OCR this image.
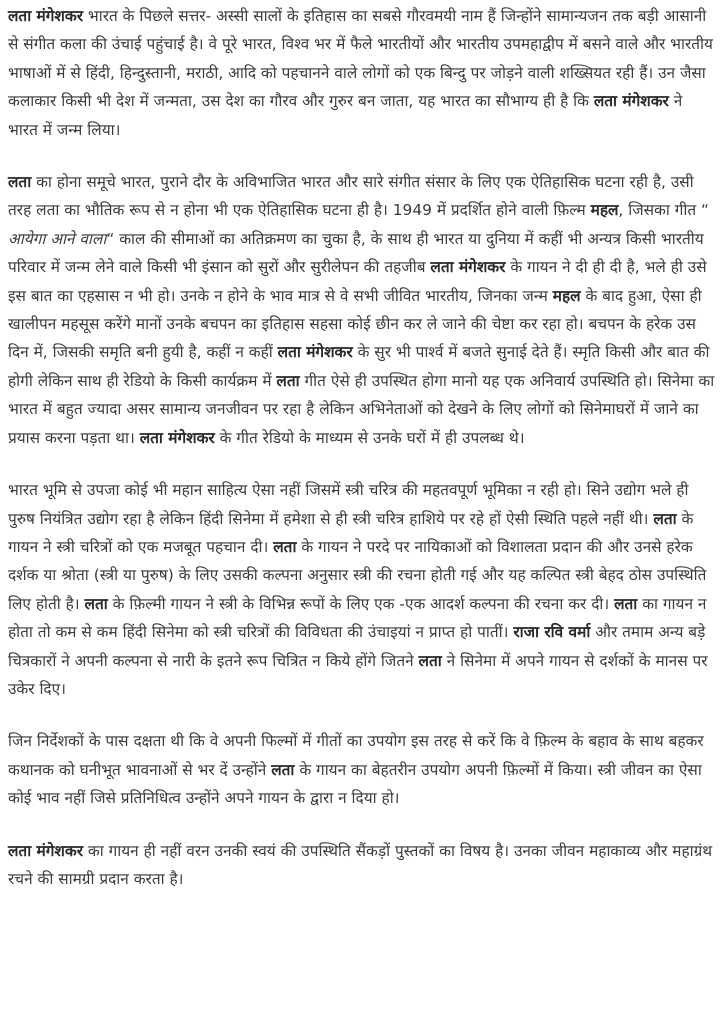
लता मंगेशकर भारत के पिछले सत्तर- अस्सी सालों के इतिहास का सबसे गौरवमयी नाम हैं जिन्होंने सामान्यजन तक बड़ी आसानी से संगीत कला की उंचाई पहुंचाई है। वे पूरे भारत, विश्व भर में फैले भारतीयों और भारतीय उपमहाद्वीप में बसने वाले और भारतीय भाषाओं में से हिंदी, हिन्दुस्तानी, मराठी, आदि को पहचानने वाले लोगों को एक बिन्दु पर जोड़ने वाली शख्सियत रही हैं। उन जैसा कलाकार किसी भी देश में जन्मता, उस देश का गौरव और गुरुर बन जाता, यह भारत का सौभाग्य ही है कि लता मंगेशकर ने भारत में जन्म लिया।

लता का होना समूचे भारत, पुराने दौर के अविभाजित भारत और सारे संगीत संसार के लिए एक ऐतिहासिक घटना रही है, उसी तरह लता का भौतिक रूप से न होना भी एक ऐतिहासिक घटना ही है। 1949 में प्रदर्शित होने वाली फ़िल्म महल, जिसका गीत “ आयेगा आने वाला“ काल की सीमाओं का अतिक्रमण का चुका है, के साथ ही भारत या दुनिया में कहीं भी अन्यत्र किसी भारतीय परिवार में जन्म लेने वाले किसी भी इंसान को सुरों और सुरीलेपन की तहजीब लता मंगेशकर के गायन ने दी ही दी है, भले ही उसे इस बात का एहसास न भी हो। उनके न होने के भाव मात्र से वे सभी जीवित भारतीय, जिनका जन्म महल के बाद हुआ, ऐसा ही खालीपन महसूस करेंगे मानों उनके बचपन का इतिहास सहसा कोई छीन कर ले जाने की चेष्टा कर रहा हो। बचपन के हरेक उस दिन में, जिसकी समृति बनी हुयी है, कहीं न कहीं लता मंगेशकर के सुर भी पार्श्व में बजते सुनाई देते हैं। स्मृति किसी और बात की होगी लेकिन साथ ही रेडियो के किसी कार्यक्रम में लता गीत ऐसे ही उपस्थित होगा मानो यह एक अनिवार्य उपस्थिति हो। सिनेमा का भारत में बहुत ज्यादा असर सामान्य जनजीवन पर रहा है लेकिन अभिनेताओं को देखने के लिए लोगों को सिनेमाघरों में जाने का प्रयास करना पड़ता था। लता मंगेशकर के गीत रेडियो के माध्यम से उनके घरों में ही उपलब्ध थे।

भारत भूमि से उपजा कोई भी महान साहित्य ऐसा नहीं जिसमें स्त्री चरित्र की महतवपूर्ण भूमिका न रही हो। सिने उद्योग भले ही पुरुष नियंत्रित उद्योग रहा है लेकिन हिंदी सिनेमा में हमेशा से ही स्त्री चरित्र हाशिये पर रहे हों ऐसी स्थिति पहले नहीं थी। लता के गायन ने स्त्री चरित्रों को एक मजबूत पहचान दी। लता के गायन ने परदे पर नायिकाओं को विशालता प्रदान की और उनसे हरेक दर्शक या श्रोता (स्त्री या पुरुष) के लिए उसकी कल्पना अनुसार स्त्री की रचना होती गई और यह कल्पित स्त्री बेहद ठोस उपस्थिति लिए होती है। लता के फ़िल्मी गायन ने स्त्री के विभिन्न रूपों के लिए एक -एक आदर्श कल्पना की रचना कर दी। लता का गायन न होता तो कम से कम हिंदी सिनेमा को स्त्री चरित्रों की विविधता की उंचाइयां न प्राप्त हो पातीं। राजा रवि वर्मा और तमाम अन्य बड़े चित्रकारों ने अपनी कल्पना से नारी के इतने रूप चित्रित न किये होंगे जितने लता ने सिनेमा में अपने गायन से दर्शकों के मानस पर उकेर दिए।

जिन निर्देशकों के पास दक्षता थी कि वे अपनी फिल्मों में गीतों का उपयोग इस तरह से करें कि वे फ़िल्म के बहाव के साथ बहकर कथानक को घनीभूत भावनाओं से भर दें उन्होंने लता के गायन का बेहतरीन उपयोग अपनी फ़िल्मों में किया। स्त्री जीवन का ऐसा कोई भाव नहीं जिसे प्रतिनिधित्व उन्होंने अपने गायन के द्वारा न दिया हो।

लता मंगेशकर का गायन ही नहीं वरन उनकी स्वयं की उपस्थिति सैंकड़ों पुस्तकों का विषय है। उनका जीवन महाकाव्य और महाग्रंथ रचने की सामग्री प्रदान करता है।
